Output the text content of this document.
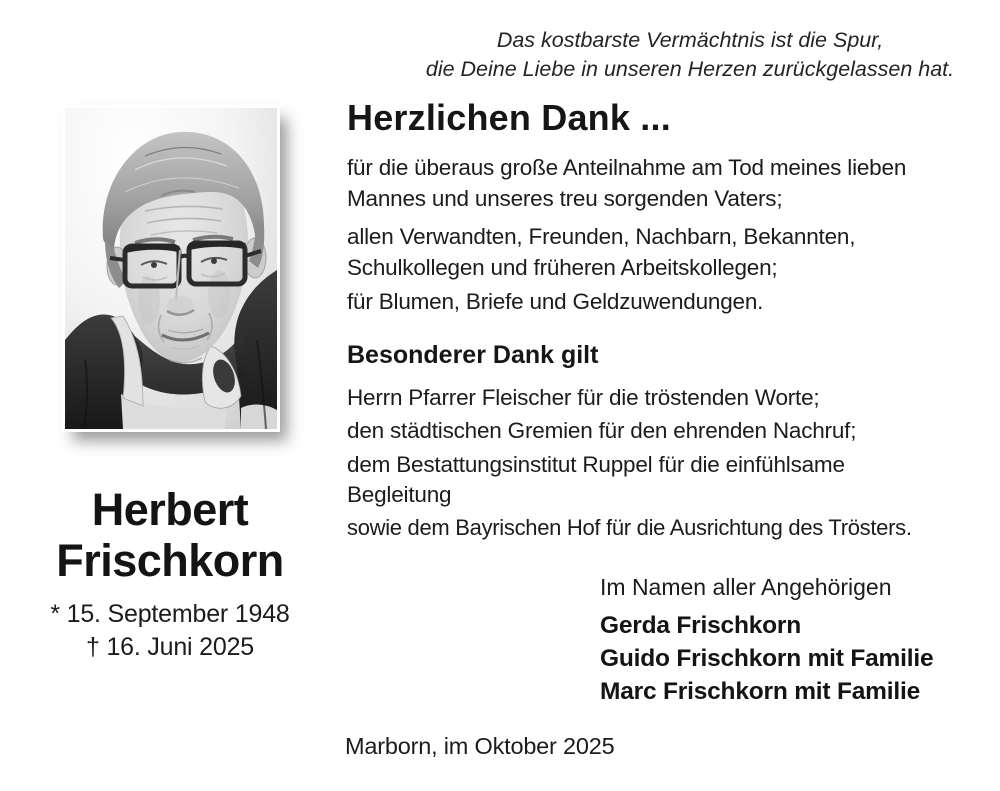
Das kostbarste Vermächtnis ist die Spur,
die Deine Liebe in unseren Herzen zurückgelassen hat.
Herbert
Frischkorn
* 15. September 1948
† 16. Juni 2025
Herzlichen Dank ...

für die überaus große Anteilnahme am Tod meines lieben Mannes und unseres treu sorgenden Vaters;

allen Verwandten, Freunden, Nachbarn, Bekannten, Schulkollegen und früheren Arbeitskollegen;

für Blumen, Briefe und Geldzuwendungen.

Besonderer Dank gilt

Herrn Pfarrer Fleischer für die tröstenden Worte;

den städtischen Gremien für den ehrenden Nachruf;

dem Bestattungsinstitut Ruppel für die einfühlsame Begleitung

sowie dem Bayrischen Hof für die Ausrichtung des Trösters.

Im Namen aller Angehörigen

Gerda Frischkorn
Guido Frischkorn mit Familie
Marc Frischkorn mit Familie
Marborn, im Oktober 2025
